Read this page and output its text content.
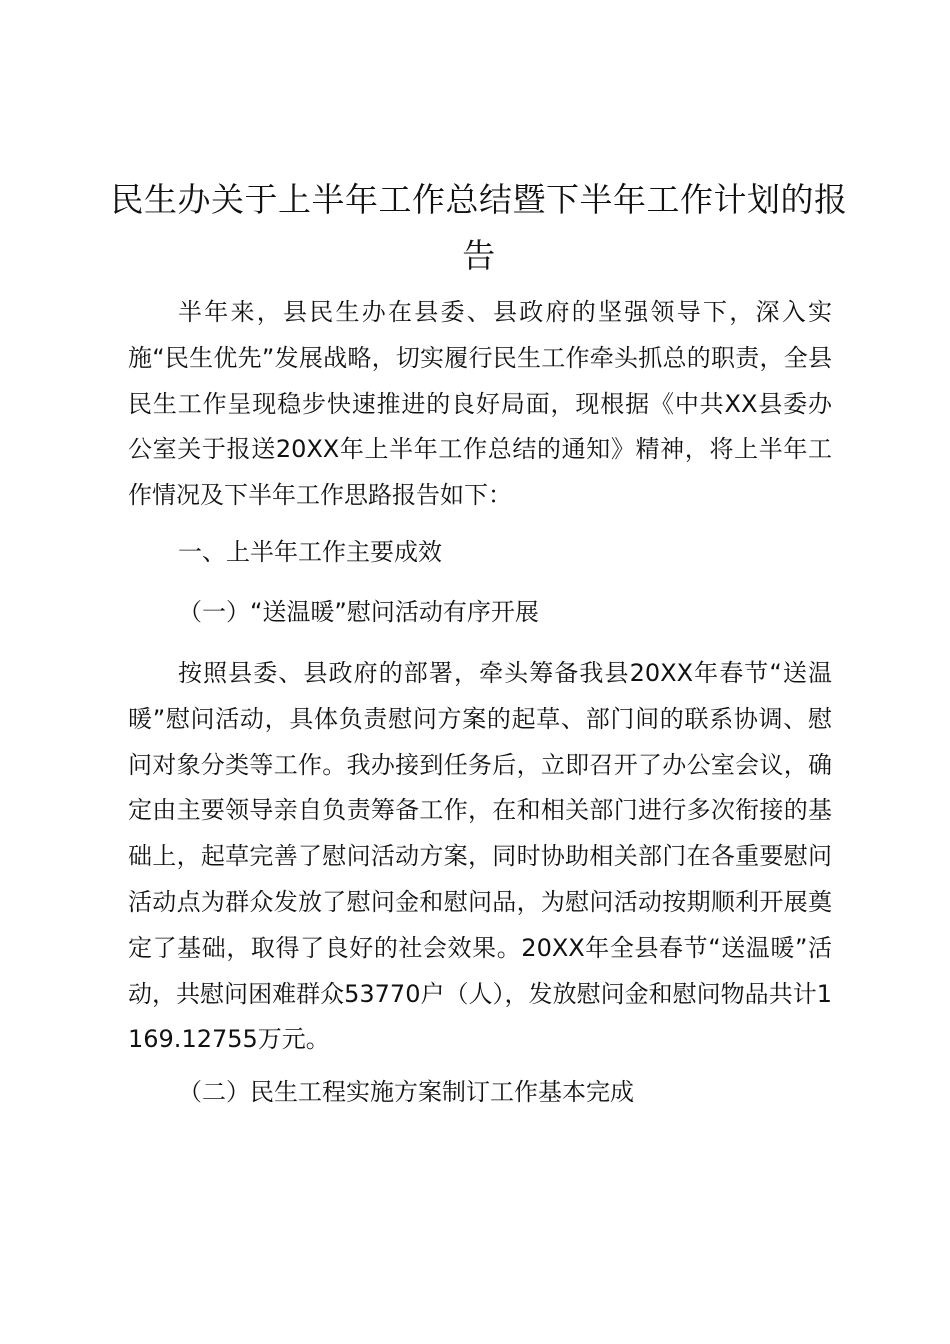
民生办关于上半年工作总结暨下半年工作计划的报告
半年来，县民生办在县委、县政府的坚强领导下，深入实施“民生优先”发展战略，切实履行民生工作牵头抓总的职责，全县民生工作呈现稳步快速推进的良好局面，现根据《中共XX县委办公室关于报送20XX年上半年工作总结的通知》精神，将上半年工作情况及下半年工作思路报告如下：
一、上半年工作主要成效
（一）“送温暖”慰问活动有序开展
按照县委、县政府的部署，牵头筹备我县20XX年春节“送温暖”慰问活动，具体负责慰问方案的起草、部门间的联系协调、慰问对象分类等工作。我办接到任务后，立即召开了办公室会议，确定由主要领导亲自负责筹备工作，在和相关部门进行多次衔接的基础上，起草完善了慰问活动方案，同时协助相关部门在各重要慰问活动点为群众发放了慰问金和慰问品，为慰问活动按期顺利开展奠定了基础，取得了良好的社会效果。20XX年全县春节“送温暖”活动，共慰问困难群众53770户（人），发放慰问金和慰问物品共计1169.12755万元。
（二）民生工程实施方案制订工作基本完成
